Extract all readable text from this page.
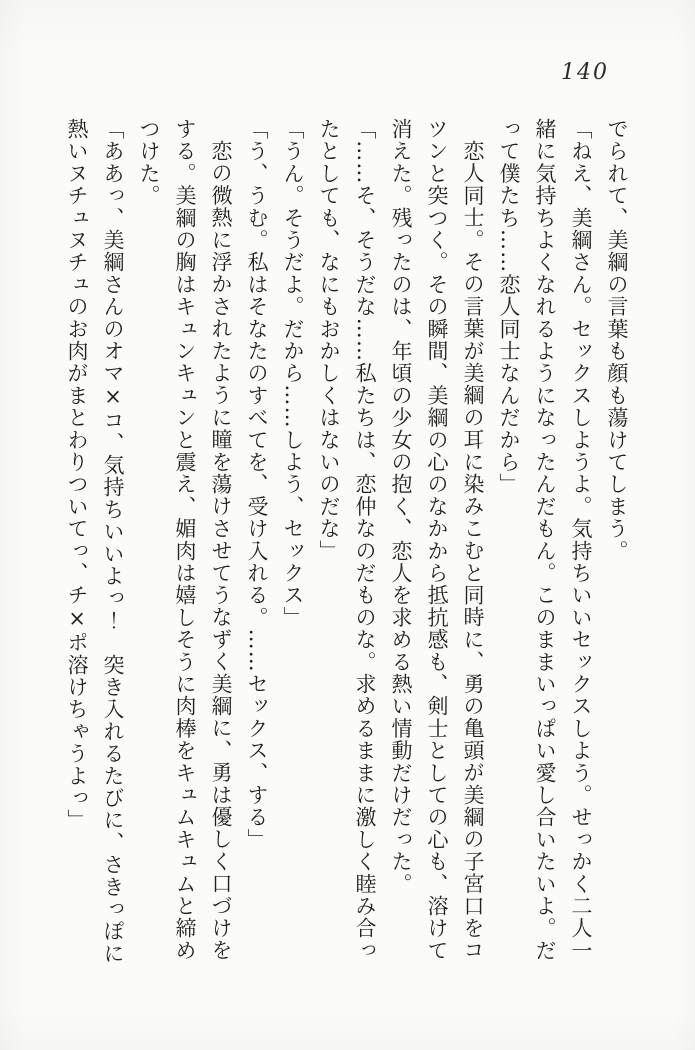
140

でられて、美綱の言葉も顔も蕩けてしまう。

「ねえ、美綱さん。セックスしようよ。気持ちいいセックスしよう。せっかく二人一緒に気持ちよくなれるようになったんだもん。このままいっぱい愛し合いたいよ。だって僕たち……恋人同士なんだから」

恋人同士。その言葉が美綱の耳に染みこむと同時に、勇の亀頭が美綱の子宮口をコツンと突つく。その瞬間、美綱の心のなかから抵抗感も、剣士としての心も、溶けて消えた。残ったのは、年頃の少女の抱く、恋人を求める熱い情動だけだった。

「……そ、そうだな……私たちは、恋仲なのだものな。求めるままに激しく睦み合ったとしても、なにもおかしくはないのだな」

「うん。そうだよ。だから……しよう、セックス」

「う、うむ。私はそなたのすべてを、受け入れる。……セックス、する」

恋の微熱に浮かされたように瞳を蕩けさせてうなずく美綱に、勇は優しく口づけをする。美綱の胸はキュンキュンと震え、媚肉は嬉しそうに肉棒をキュムキュムと締めつけた。

「ああっ、美綱さんのオマ×コ、気持ちいいよっ！　突き入れるたびに、さきっぽに熱いヌチュヌチュのお肉がまとわりついてっ、チ×ポ溶けちゃうよっ」
